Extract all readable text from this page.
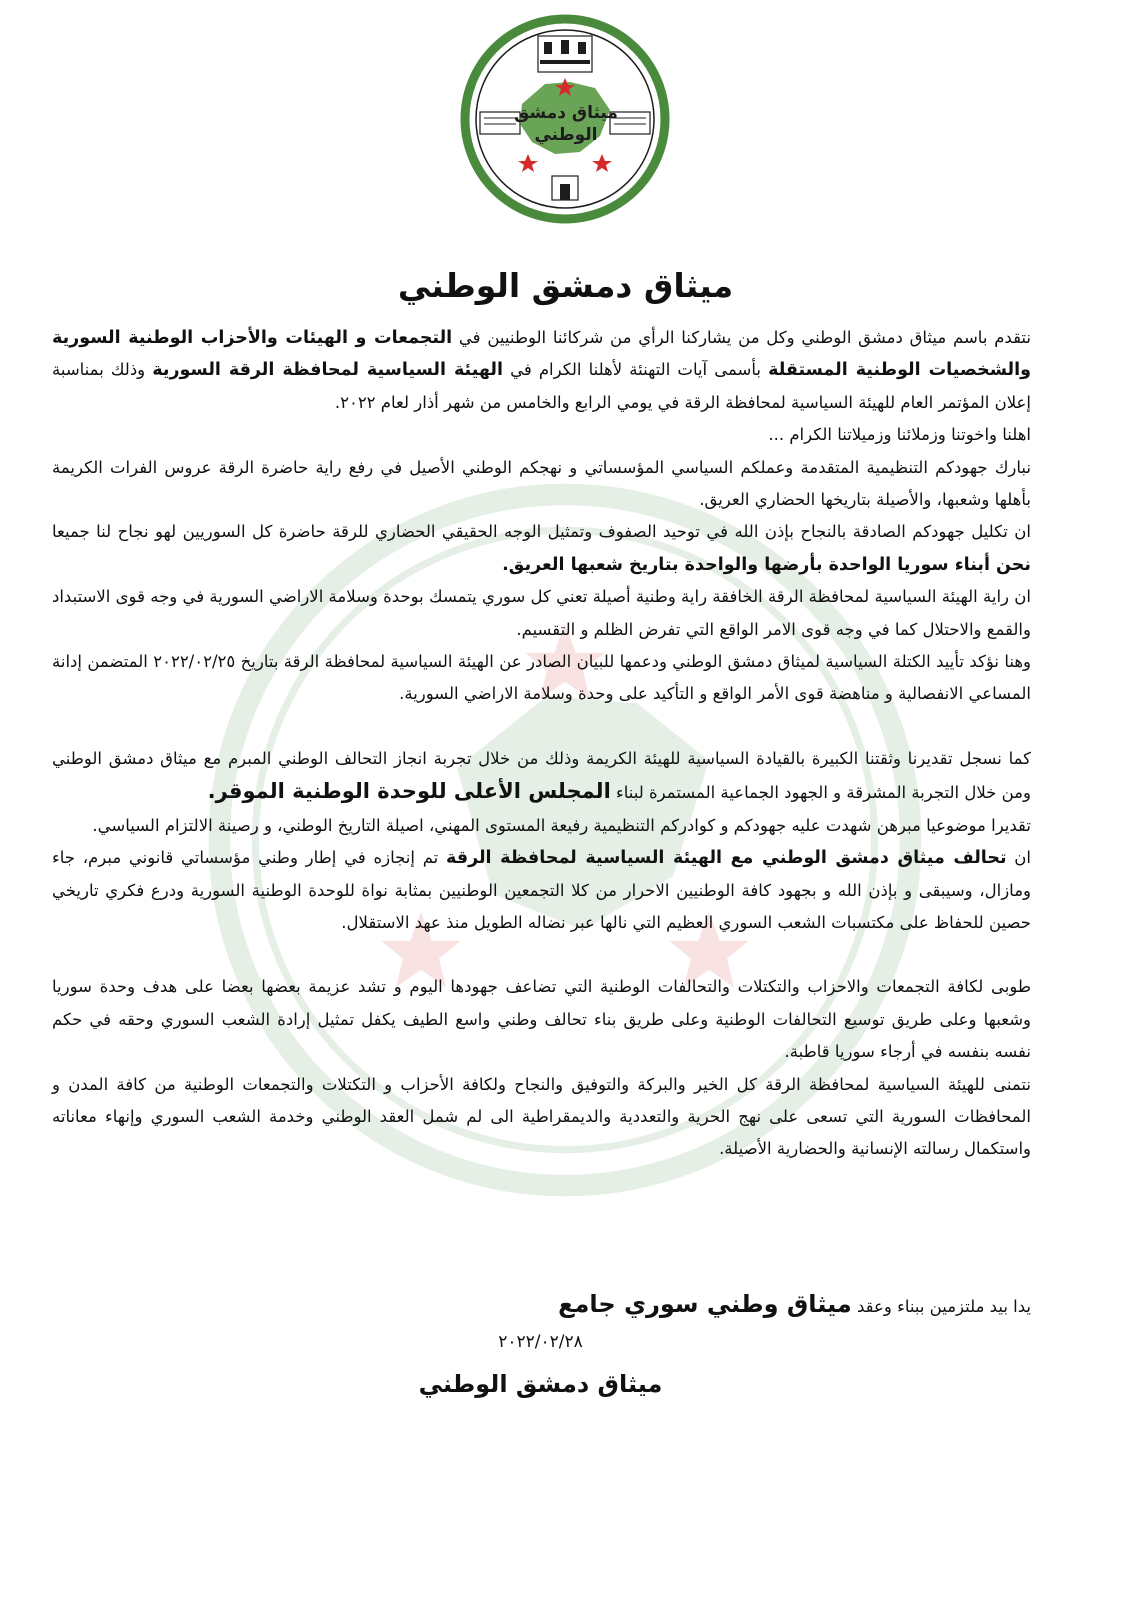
ميثاق دمشق
الوطني
ميثاق دمشق الوطني

نتقدم باسم ميثاق دمشق الوطني وكل من يشاركنا الرأي من شركائنا الوطنيين في التجمعات و الهيئات والأحزاب الوطنية السورية والشخصيات الوطنية المستقلة بأسمى آيات التهنئة لأهلنا الكرام في الهيئة السياسية لمحافظة الرقة السورية وذلك بمناسبة إعلان المؤتمر العام للهيئة السياسية لمحافظة الرقة في يومي الرابع والخامس من شهر أذار لعام ٢٠٢٢.

اهلنا واخوتنا وزملائنا وزميلاتنا الكرام ...

نبارك جهودكم التنظيمية المتقدمة وعملكم السياسي المؤسساتي و نهجكم الوطني الأصيل في رفع راية حاضرة الرقة عروس الفرات الكريمة بأهلها وشعبها، والأصيلة بتاريخها الحضاري العريق.

ان تكليل جهودكم الصادقة بالنجاح بإذن الله في توحيد الصفوف وتمثيل الوجه الحقيقي الحضاري للرقة حاضرة كل السوريين لهو نجاح لنا جميعا نحن أبناء سوريا الواحدة بأرضها والواحدة بتاريخ شعبها العريق.

ان راية الهيئة السياسية لمحافظة الرقة الخافقة راية وطنية أصيلة تعني كل سوري يتمسك بوحدة وسلامة الاراضي السورية في وجه قوى الاستبداد والقمع والاحتلال كما في وجه قوى الامر الواقع التي تفرض الظلم و التقسيم.

وهنا نؤكد تأييد الكتلة السياسية لميثاق دمشق الوطني ودعمها للبيان الصادر عن الهيئة السياسية لمحافظة الرقة بتاريخ ٢٠٢٢/٠٢/٢٥ المتضمن إدانة المساعي الانفصالية و مناهضة قوى الأمر الواقع و التأكيد على وحدة وسلامة الاراضي السورية.

كما نسجل تقديرنا وثقتنا الكبيرة بالقيادة السياسية للهيئة الكريمة وذلك من خلال تجربة انجاز التحالف الوطني المبرم مع ميثاق دمشق الوطني ومن خلال التجربة المشرقة و الجهود الجماعية المستمرة لبناء المجلس الأعلى للوحدة الوطنية الموقر.

تقديرا موضوعيا مبرهن شهدت عليه جهودكم و كوادركم التنظيمية رفيعة المستوى المهني، اصيلة التاريخ الوطني، و رصينة الالتزام السياسي.

ان تحالف ميثاق دمشق الوطني مع الهيئة السياسية لمحافظة الرقة تم إنجازه في إطار وطني مؤسساتي قانوني مبرم، جاء ومازال، وسيبقى و بإذن الله و بجهود كافة الوطنيين الاحرار من كلا التجمعين الوطنيين بمثابة نواة للوحدة الوطنية السورية ودرع فكري تاريخي حصين للحفاظ على مكتسبات الشعب السوري العظيم التي نالها عبر نضاله الطويل منذ عهد الاستقلال.

طوبى لكافة التجمعات والاحزاب والتكتلات والتحالفات الوطنية التي تضاعف جهودها اليوم و تشد عزيمة بعضها بعضا على هدف وحدة سوريا وشعبها وعلى طريق توسيع التحالفات الوطنية وعلى طريق بناء تحالف وطني واسع الطيف يكفل تمثيل إرادة الشعب السوري وحقه في حكم نفسه بنفسه في أرجاء سوريا قاطبة.

نتمنى للهيئة السياسية لمحافظة الرقة كل الخير والبركة والتوفيق والنجاح ولكافة الأحزاب و التكتلات والتجمعات الوطنية من كافة المدن و المحافظات السورية التي تسعى على نهج الحرية والتعددية والديمقراطية الى لم شمل العقد الوطني وخدمة الشعب السوري وإنهاء معاناته واستكمال رسالته الإنسانية والحضارية الأصيلة.

يدا بيد ملتزمين ببناء وعقد ميثاق وطني سوري جامع
٢٠٢٢/٠٢/٢٨
ميثاق دمشق الوطني
